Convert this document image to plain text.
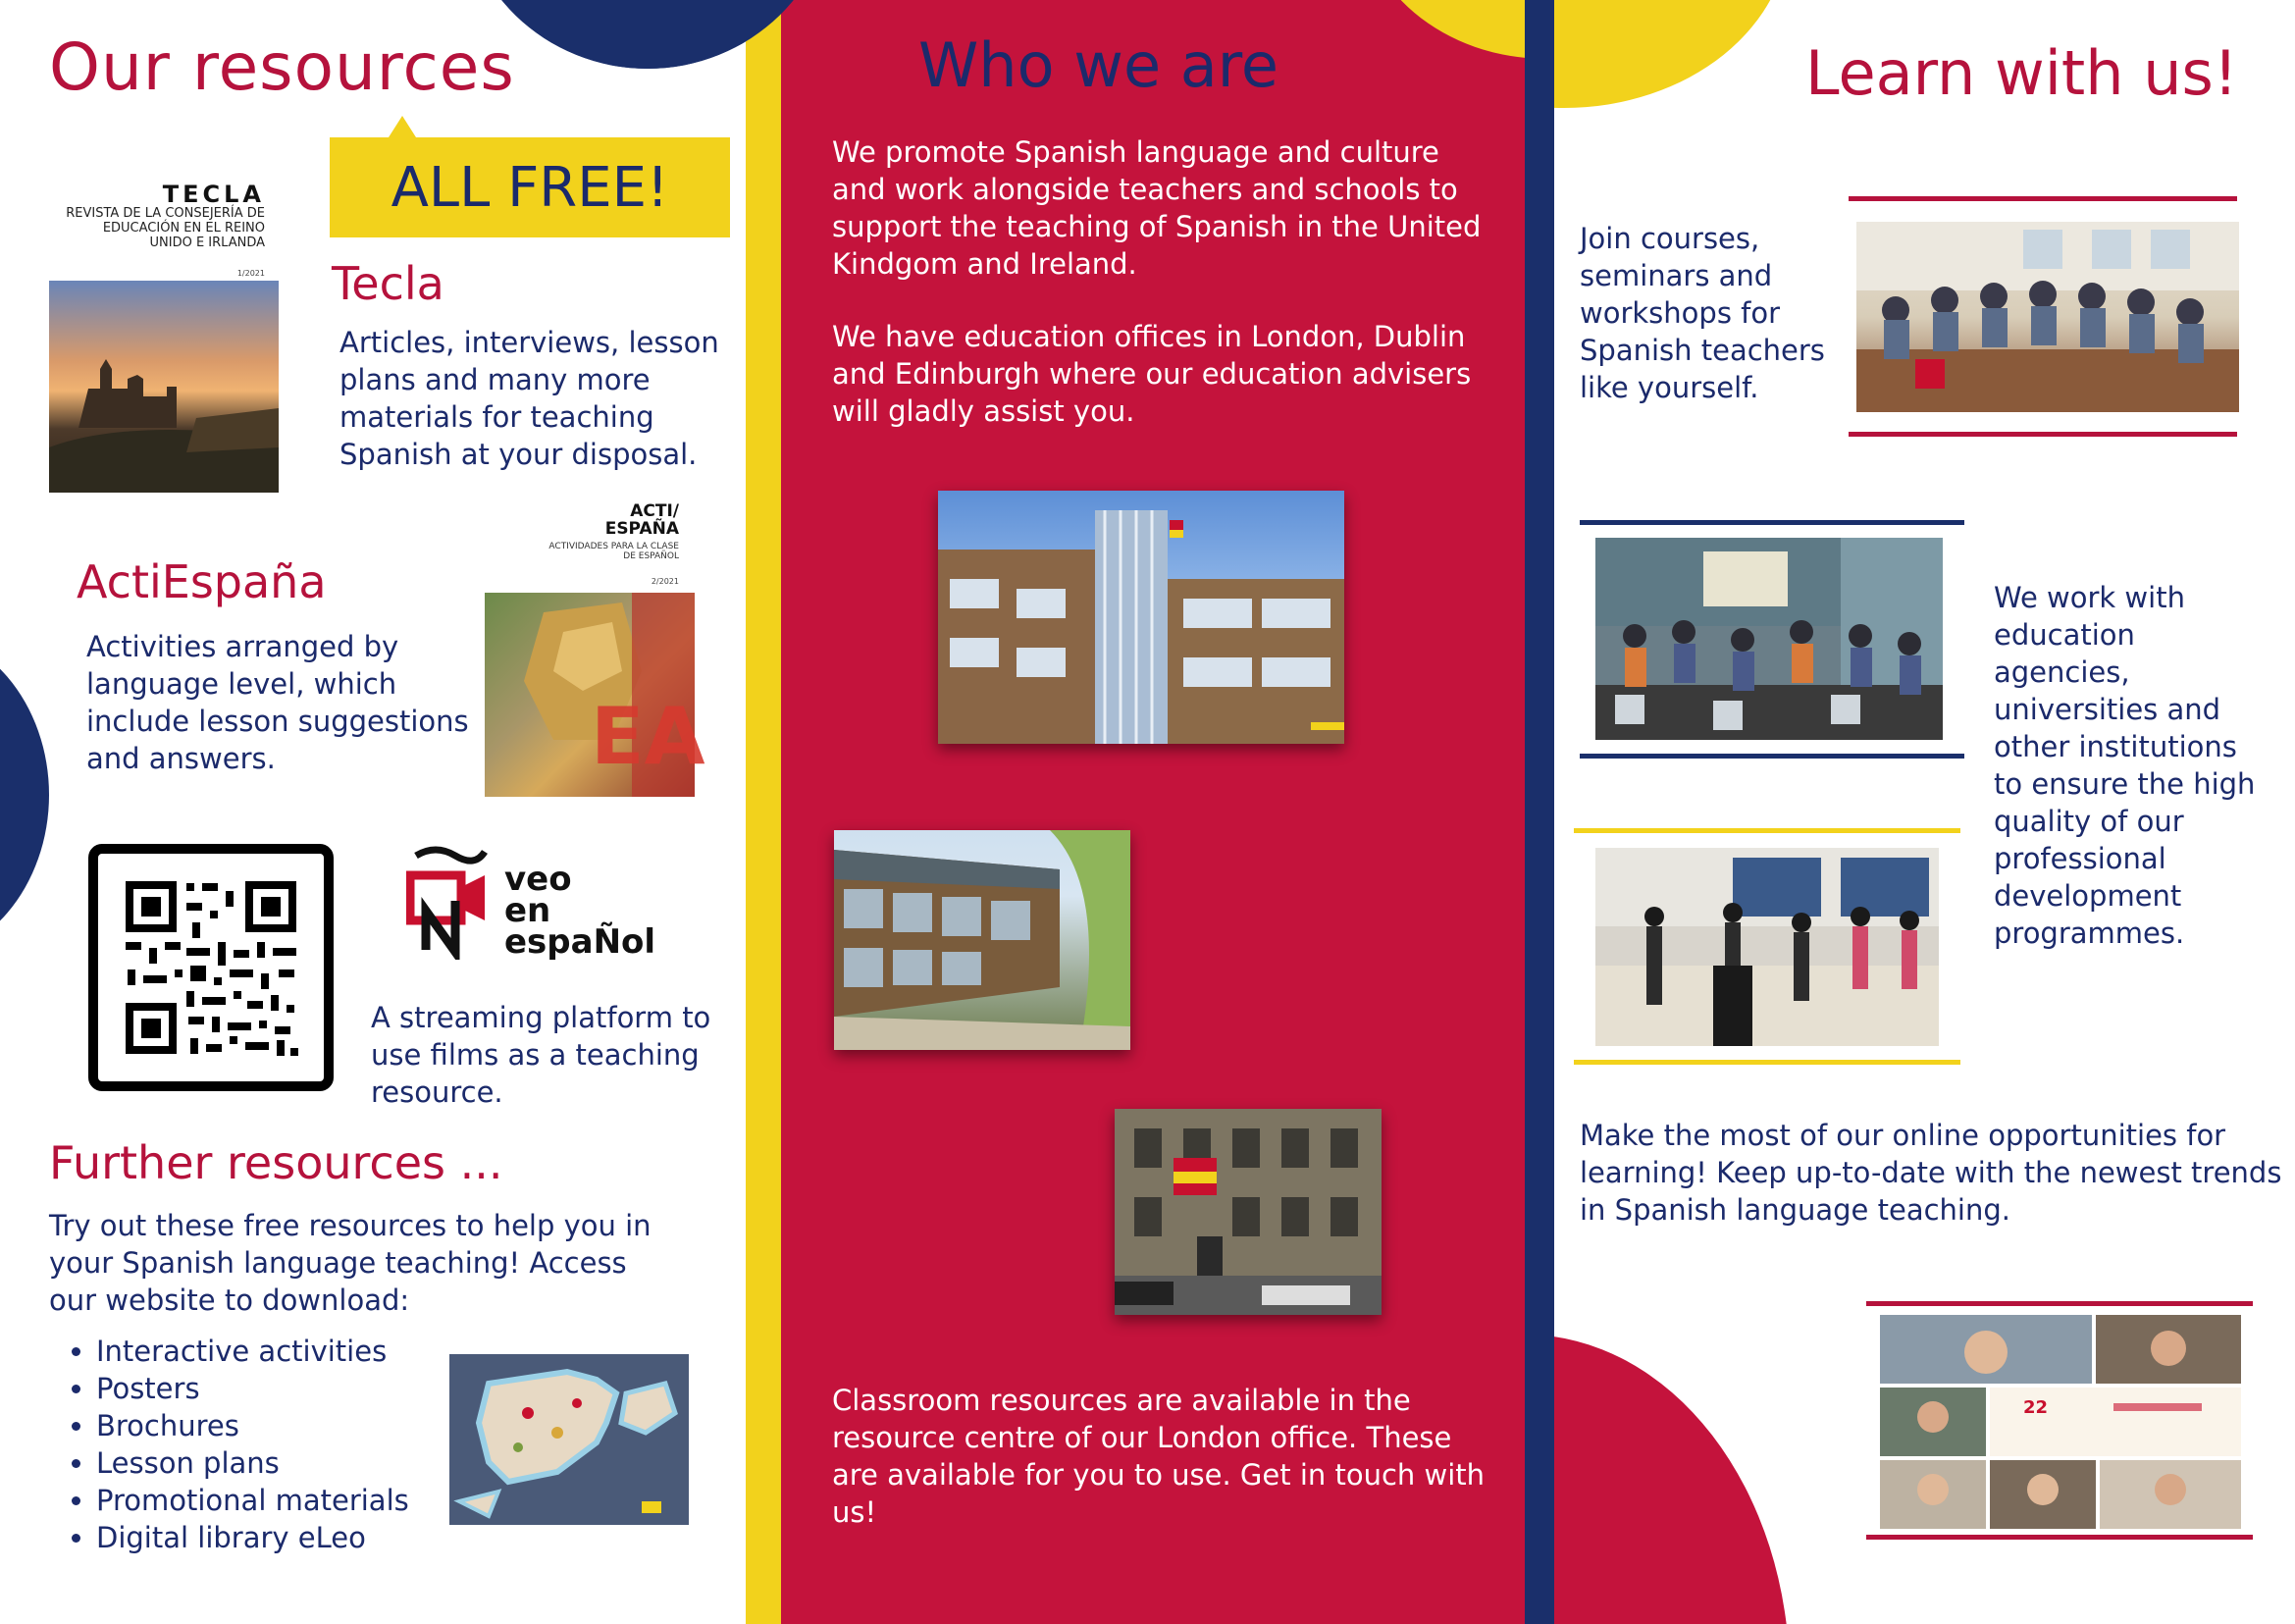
Our resources
ALL FREE!
TECLA
REVISTA DE LA CONSEJERÍA DE EDUCACIÓN EN EL REINO UNIDO E IRLANDA
1/2021 Tecla
Articles, interviews, lesson plans and many more materials for teaching Spanish at your disposal.
ACTI/ ESPAÑA
ACTIVIDADES PARA LA CLASE DE ESPAÑOL
2/2021
EA
ActiEspaña
Activities arranged by language level, which include lesson suggestions and answers.
veo
en
espaÑol
A streaming platform to use films as a teaching resource.
Further resources ...
Try out these free resources to help you in your Spanish language teaching! Access our website to download:
• Interactive activities
• Posters
• Brochures
• Lesson plans
• Promotional materials
• Digital library eLeo
Who we are
We promote Spanish language and culture and work alongside teachers and schools to support the teaching of Spanish in the United Kindgom and Ireland.
We have education offices in London, Dublin and Edinburgh where our education advisers will gladly assist you.
Classroom resources are available in the resource centre of our London office. These are available for you to use. Get in touch with us!
Learn with us!
Join courses, seminars and workshops for Spanish teachers like yourself.
We work with education agencies, universities and other institutions to ensure the high quality of our professional development programmes.
Make the most of our online opportunities for learning! Keep up-to-date with the newest trends in Spanish language teaching.
22
